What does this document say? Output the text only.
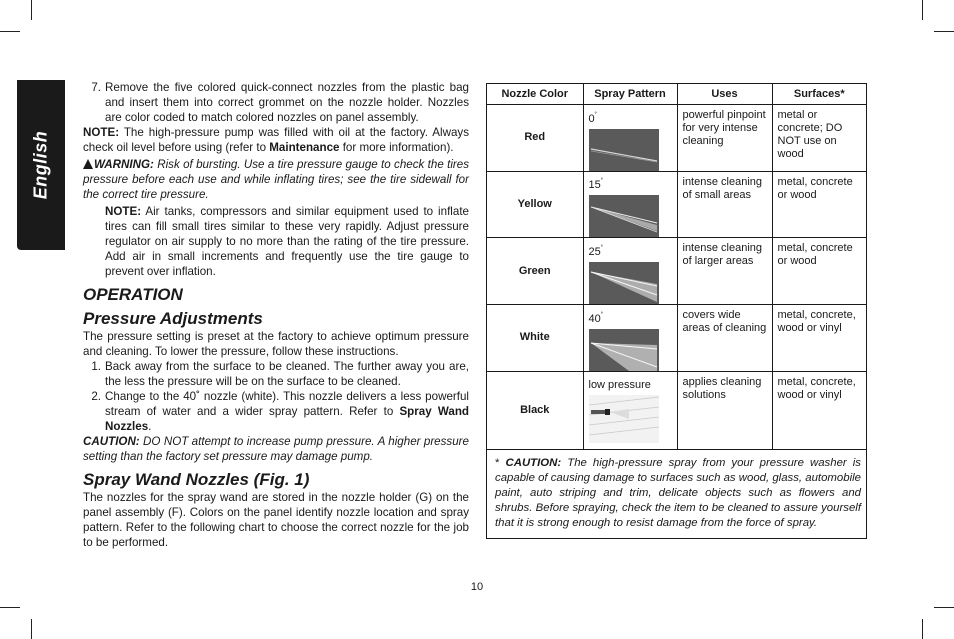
English
7. Remove the five colored quick-connect nozzles from the plastic bag and insert them into correct grommet on the nozzle holder. Nozzles are color coded to match colored nozzles on panel assembly.

NOTE: The high-pressure pump was filled with oil at the factory. Always check oil level before using (refer to Maintenance for more information).

WARNING: Risk of bursting. Use a tire pressure gauge to check the tires pressure before each use and while inflating tires; see the tire sidewall for the correct tire pressure.

NOTE: Air tanks, compressors and similar equipment used to inflate tires can fill small tires similar to these very rapidly. Adjust pressure regulator on air supply to no more than the rating of the tire pressure. Add air in small increments and frequently use the tire gauge to prevent over inflation.

OPERATION
Pressure Adjustments

The pressure setting is preset at the factory to achieve optimum pressure and cleaning. To lower the pressure, follow these instructions.

1. Back away from the surface to be cleaned. The further away you are, the less the pressure will be on the surface to be cleaned.
2. Change to the 40˚ nozzle (white). This nozzle delivers a less powerful stream of water and a wider spray pattern. Refer to Spray Wand Nozzles.

CAUTION: DO NOT attempt to increase pump pressure. A higher pressure setting than the factory set pressure may damage pump.

Spray Wand Nozzles (Fig. 1)

The nozzles for the spray wand are stored in the nozzle holder (G) on the panel assembly (F). Colors on the panel identify nozzle location and spray pattern. Refer to the following chart to choose the correct nozzle for the job to be performed.

Nozzle Color	Spray Pattern	Uses	Surfaces*
Red	0˚	powerful pinpoint for very intense cleaning	metal or concrete; DO NOT use on wood
Yellow	15˚	intense cleaning of small areas	metal, concrete or wood
Green	25˚	intense cleaning of larger areas	metal, concrete or wood
White	40˚	covers wide areas of cleaning	metal, concrete, wood or vinyl
Black	low pressure	applies cleaning solutions	metal, concrete, wood or vinyl
* CAUTION: The high-pressure spray from your pressure washer is capable of causing damage to surfaces such as wood, glass, automobile paint, auto striping and trim, delicate objects such as flowers and shrubs. Before spraying, check the item to be cleaned to assure yourself that it is strong enough to resist damage from the force of spray.
10
